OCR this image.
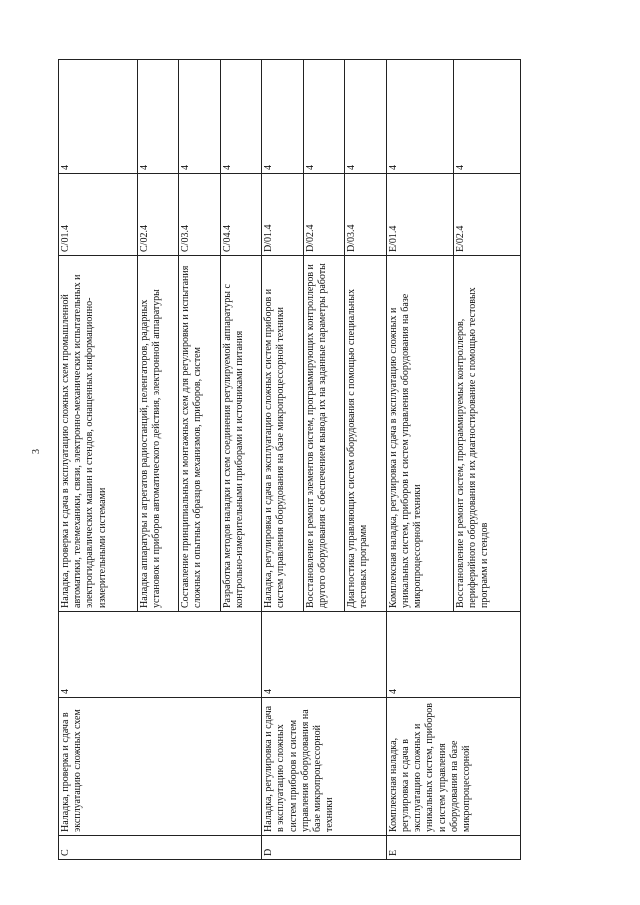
3
C	Наладка, проверка и сдача в эксплуатацию сложных схем	4	Наладка, проверка и сдача в эксплуатацию сложных схем промышленной автоматики, телемеханики, связи, электронно-механических испытательных и электрогидравлических машин и стендов, оснащенных информационно-измерительными системами	C/01.4	4
			Наладка аппаратуры и агрегатов радиостанций, пеленгаторов, радарных установок и приборов автоматического действия, электронной аппаратуры	C/02.4	4
			Составление принципиальных и монтажных схем для регулировки и испытания сложных и опытных образцов механизмов, приборов, систем	C/03.4	4
			Разработка методов наладки и схем соединения регулируемой аппаратуры с контрольно-измерительными приборами и источниками питания	C/04.4	4
D	Наладка, регулировка и сдача в эксплуатацию сложных систем приборов и систем управления оборудования на базе микропроцессорной техники	4	Наладка, регулировка и сдача в эксплуатацию сложных систем приборов и систем управления оборудования на базе микропроцессорной техники	D/01.4	4
			Восстановление и ремонт элементов систем, программирующих контроллеров и другого оборудования с обеспечением вывода их на заданные параметры работы	D/02.4	4
			Диагностика управляющих систем оборудования с помощью специальных тестовых программ	D/03.4	4
E	Комплексная наладка, регулировка и сдача в эксплуатацию сложных и уникальных систем, приборов и систем управления оборудования на базе микропроцессорной	4	Комплексная наладка, регулировка и сдача в эксплуатацию сложных и уникальных систем, приборов и систем управления оборудования на базе микропроцессорной техники	E/01.4	4
			Восстановление и ремонт систем, программируемых контроллеров, периферийного оборудования и их диагностирование с помощью тестовых программ и стендов	E/02.4	4
